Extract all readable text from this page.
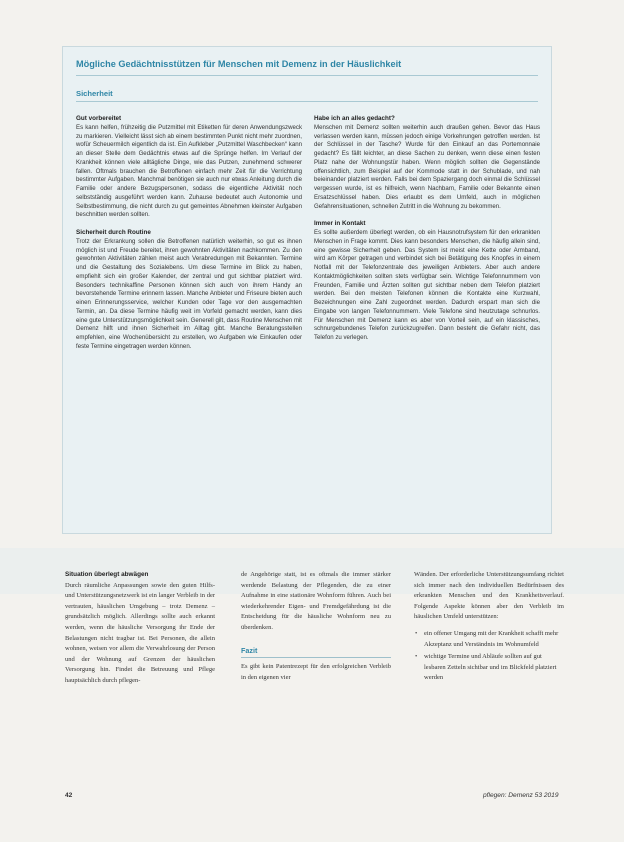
Mögliche Gedächtnisstützen für Menschen mit Demenz in der Häuslichkeit
Sicherheit
Gut vorbereitet

Es kann helfen, frühzeitig die Putzmittel mit Etiketten für deren Anwendungszweck zu markieren. Vielleicht lässt sich ab einem bestimmten Punkt nicht mehr zuordnen, wofür Scheuermilch eigentlich da ist. Ein Aufkleber „Putzmittel Waschbecken“ kann an dieser Stelle dem Gedächtnis etwas auf die Sprünge helfen. Im Verlauf der Krankheit können viele alltägliche Dinge, wie das Putzen, zunehmend schwerer fallen. Oftmals brauchen die Betroffenen einfach mehr Zeit für die Verrichtung bestimmter Aufgaben. Manchmal benötigen sie auch nur etwas Anleitung durch die Familie oder andere Bezugspersonen, sodass die eigentliche Aktivität noch selbstständig ausgeführt werden kann. Zuhause bedeutet auch Autonomie und Selbstbestimmung, die nicht durch zu gut gemeintes Abnehmen kleinster Aufgaben beschnitten werden sollten.

Sicherheit durch Routine

Trotz der Erkrankung sollen die Betroffenen natürlich weiterhin, so gut es ihnen möglich ist und Freude bereitet, ihren gewohnten Aktivitäten nachkommen. Zu den gewohnten Aktivitäten zählen meist auch Verabredungen mit Bekannten. Termine und die Gestaltung des Sozialebens. Um diese Termine im Blick zu haben, empfiehlt sich ein großer Kalender, der zentral und gut sichtbar platziert wird. Besonders technikaffine Personen können sich auch von ihrem Handy an bevorstehende Termine erinnern lassen. Manche Anbieter und Friseure bieten auch einen Erinnerungsservice, welcher Kunden oder Tage vor den ausgemachten Termin, an. Da diese Termine häufig weit im Vorfeld gemacht werden, kann dies eine gute Unterstützungsmöglichkeit sein. Generell gilt, dass Routine Menschen mit Demenz hilft und ihnen Sicherheit im Alltag gibt. Manche Beratungsstellen empfehlen, eine Wochenübersicht zu erstellen, wo Aufgaben wie Einkaufen oder feste Termine eingetragen werden können.

Habe ich an alles gedacht?

Menschen mit Demenz sollten weiterhin auch draußen gehen. Bevor das Haus verlassen werden kann, müssen jedoch einige Vorkehrungen getroffen werden. Ist der Schlüssel in der Tasche? Wurde für den Einkauf an das Portemonnaie gedacht? Es fällt leichter, an diese Sachen zu denken, wenn diese einen festen Platz nahe der Wohnungstür haben. Wenn möglich sollten die Gegenstände offensichtlich, zum Beispiel auf der Kommode statt in der Schublade, und nah beieinander platziert werden. Falls bei dem Spaziergang doch einmal die Schlüssel vergessen wurde, ist es hilfreich, wenn Nachbarn, Familie oder Bekannte einen Ersatzschlüssel haben. Dies erlaubt es dem Umfeld, auch in möglichen Gefahrensituationen, schnellen Zutritt in die Wohnung zu bekommen.

Immer in Kontakt

Es sollte außerdem überlegt werden, ob ein Hausnotrufsystem für den erkrankten Menschen in Frage kommt. Dies kann besonders Menschen, die häufig allein sind, eine gewisse Sicherheit geben. Das System ist meist eine Kette oder Armband, wird am Körper getragen und verbindet sich bei Betätigung des Knopfes in einem Notfall mit der Telefonzentrale des jeweiligen Anbieters. Aber auch andere Kontaktmöglichkeiten sollten stets verfügbar sein. Wichtige Telefonnummern von Freunden, Familie und Ärzten sollten gut sichtbar neben dem Telefon platziert werden. Bei den meisten Telefonen können die Kontakte eine Kurzwahl, Bezeichnungen eine Zahl zugeordnet werden. Dadurch erspart man sich die Eingabe von langen Telefonnummern. Viele Telefone sind heutzutage schnurlos. Für Menschen mit Demenz kann es aber von Vorteil sein, auf ein klassisches, schnurgebundenes Telefon zurückzugreifen. Dann besteht die Gefahr nicht, das Telefon zu verlegen.

Situation überlegt abwägen

Durch räumliche Anpassungen sowie den guten Hilfs- und Unterstützungsnetzwerk ist ein langer Verbleib in der vertrauten, häuslichen Umgebung – trotz Demenz – grundsätzlich möglich. Allerdings sollte auch erkannt werden, wenn die häusliche Versorgung ihr Ende der Belastungen nicht tragbar ist. Bei Personen, die allein wohnen, weisen vor allem die Verwahrlosung der Person und der Wohnung auf Grenzen der häuslichen Versorgung hin. Findet die Betreuung und Pflege hauptsächlich durch pflegen-

de Angehörige statt, ist es oftmals die immer stärker werdende Belastung der Pflegenden, die zu einer Aufnahme in eine stationäre Wohnform führen. Auch bei wiederkehrender Eigen- und Fremdgefährdung ist die Entscheidung für die häusliche Wohnform neu zu überdenken.

Fazit

Es gibt kein Patentrezept für den erfolgreichen Verbleib in den eigenen vier

Wänden. Der erforderliche Unterstützungsumfang richtet sich immer nach den individuellen Bedürfnissen des erkrankten Menschen und den Krankheitsverlauf. Folgende Aspekte können aber den Verbleib im häuslichen Umfeld unterstützen:

• ein offener Umgang mit der Krankheit schafft mehr Akzeptanz und Verständnis im Wohnumfeld
• wichtige Termine und Abläufe sollten auf gut lesbaren Zetteln sichtbar und im Blickfeld platziert werden
42	pflegen: Demenz 53 2019
